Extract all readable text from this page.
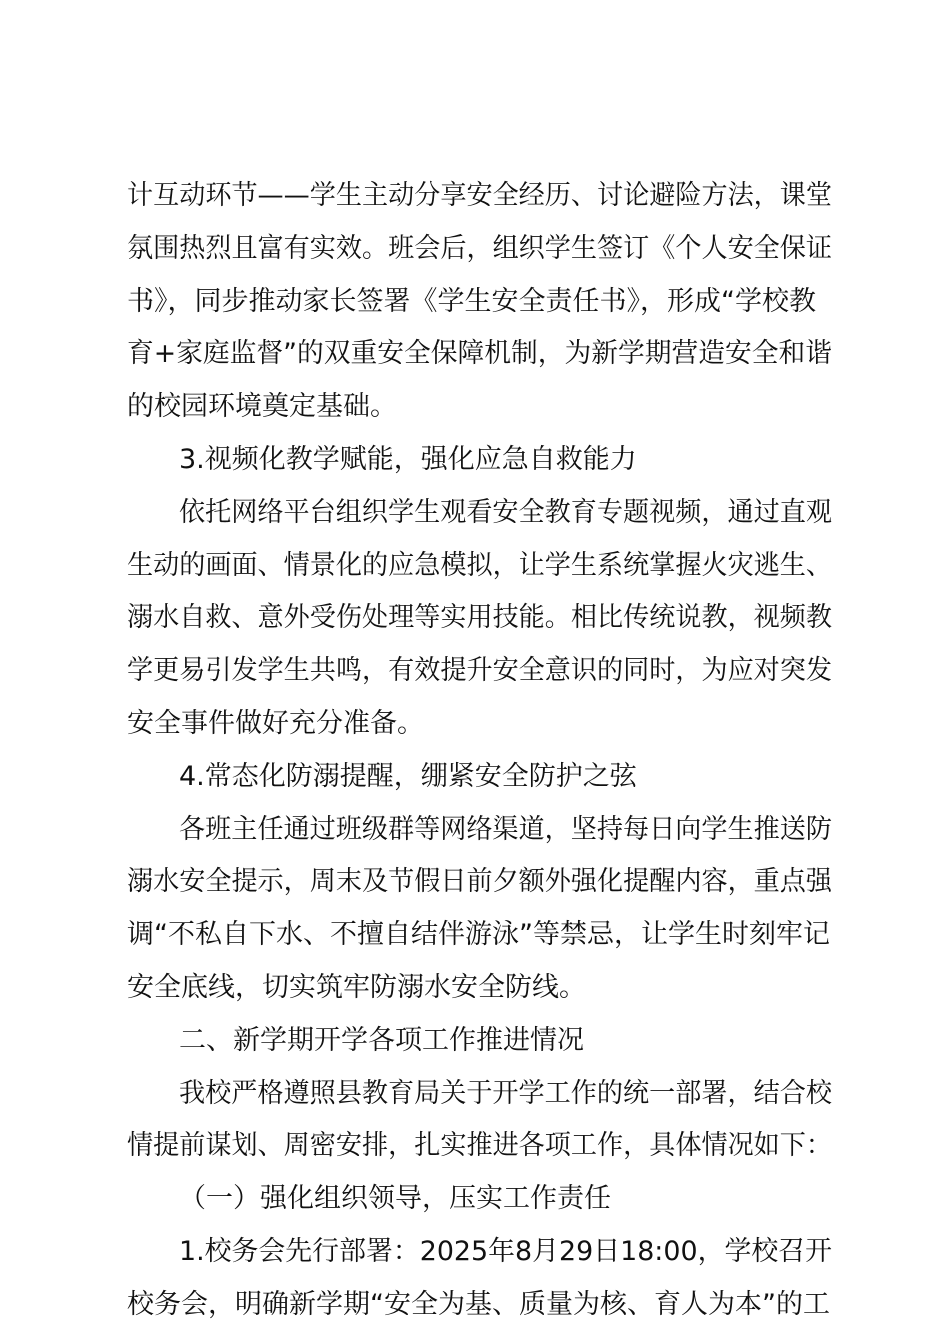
计互动环节——学生主动分享安全经历、讨论避险方法，课堂
氛围热烈且富有实效。班会后，组织学生签订《个人安全保证
书》，同步推动家长签署《学生安全责任书》，形成“学校教
育+家庭监督”的双重安全保障机制，为新学期营造安全和谐
的校园环境奠定基础。
3.视频化教学赋能，强化应急自救能力
依托网络平台组织学生观看安全教育专题视频，通过直观
生动的画面、情景化的应急模拟，让学生系统掌握火灾逃生、
溺水自救、意外受伤处理等实用技能。相比传统说教，视频教
学更易引发学生共鸣，有效提升安全意识的同时，为应对突发
安全事件做好充分准备。
4.常态化防溺提醒，绷紧安全防护之弦
各班主任通过班级群等网络渠道，坚持每日向学生推送防
溺水安全提示，周末及节假日前夕额外强化提醒内容，重点强
调“不私自下水、不擅自结伴游泳”等禁忌，让学生时刻牢记
安全底线，切实筑牢防溺水安全防线。
二、新学期开学各项工作推进情况
我校严格遵照县教育局关于开学工作的统一部署，结合校
情提前谋划、周密安排，扎实推进各项工作，具体情况如下：
（一）强化组织领导，压实工作责任
1.校务会先行部署：2025年8月29日18:00，学校召开
校务会，明确新学期“安全为基、质量为核、育人为本”的工
